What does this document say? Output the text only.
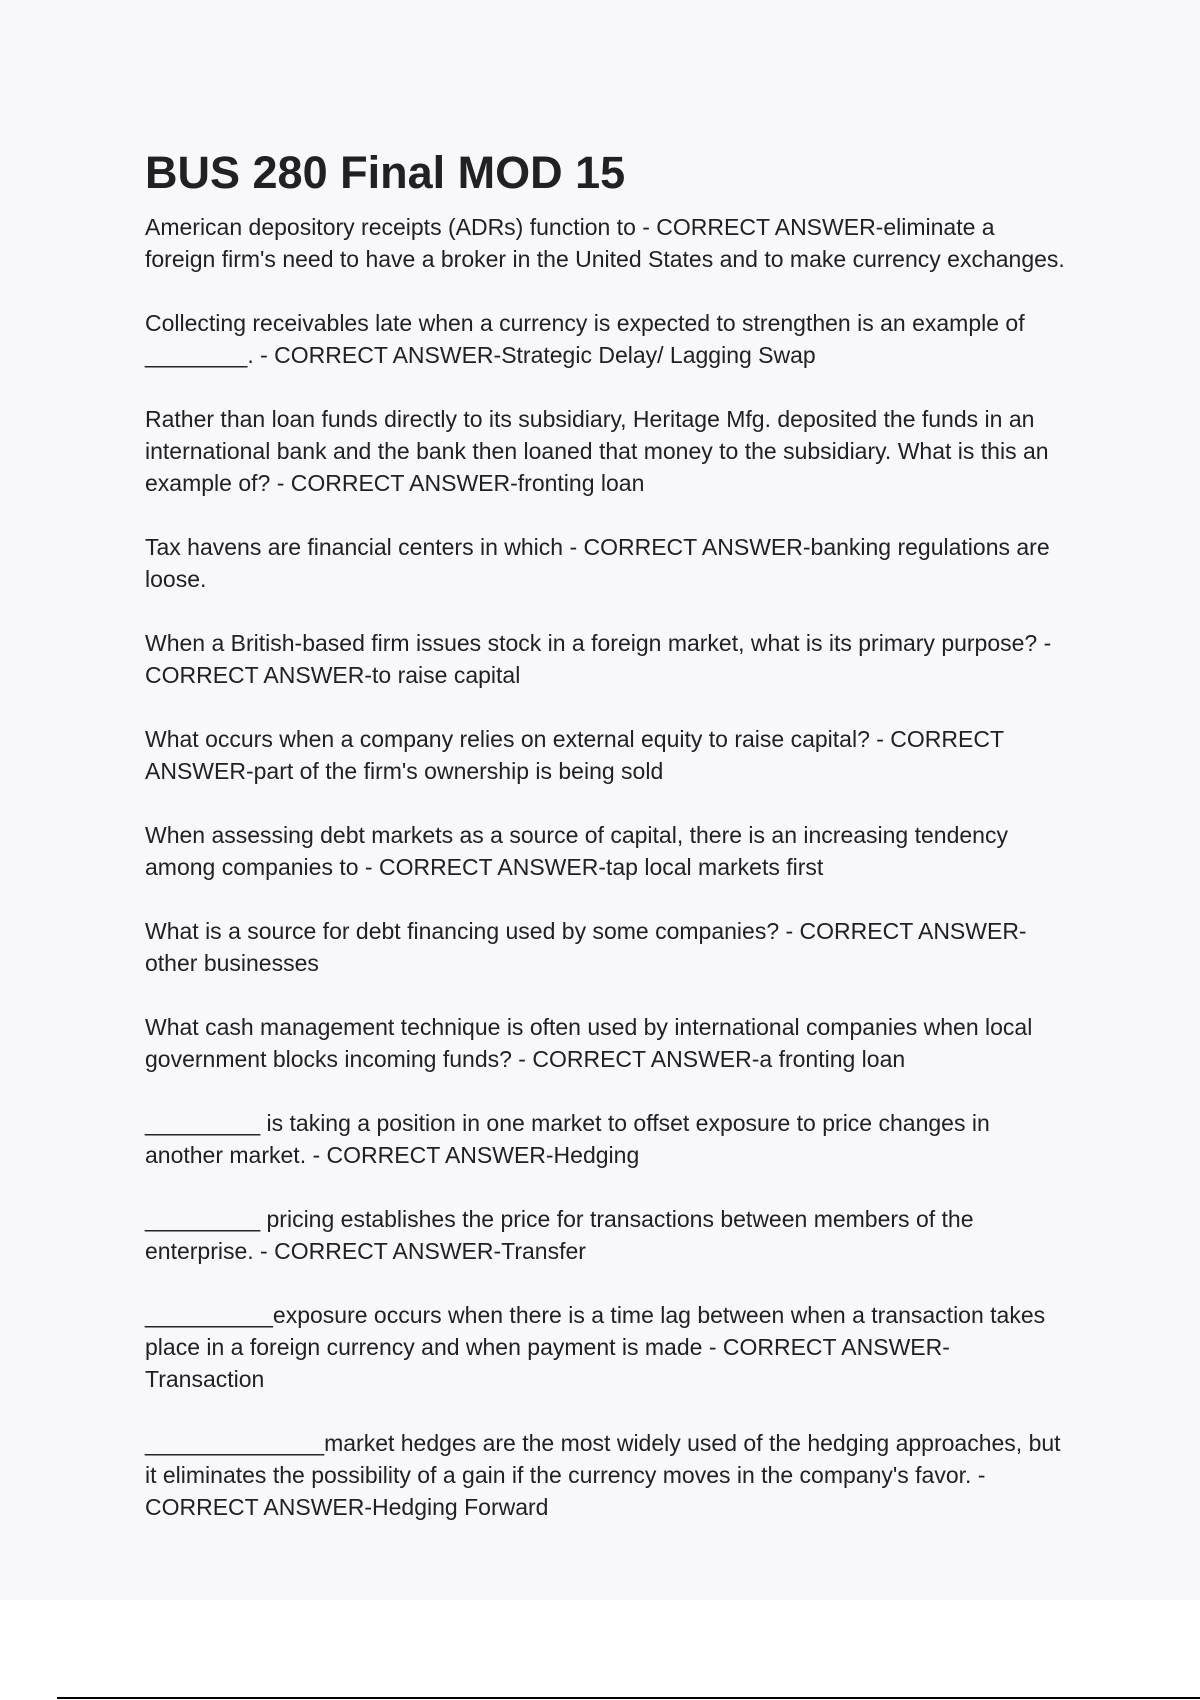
BUS 280 Final MOD 15

American depository receipts (ADRs) function to - CORRECT ANSWER-eliminate a foreign firm's need to have a broker in the United States and to make currency exchanges.

Collecting receivables late when a currency is expected to strengthen is an example of ________. - CORRECT ANSWER-Strategic Delay/ Lagging Swap

Rather than loan funds directly to its subsidiary, Heritage Mfg. deposited the funds in an international bank and the bank then loaned that money to the subsidiary. What is this an example of? - CORRECT ANSWER-fronting loan

Tax havens are financial centers in which - CORRECT ANSWER-banking regulations are loose.

When a British-based firm issues stock in a foreign market, what is its primary purpose? - CORRECT ANSWER-to raise capital

What occurs when a company relies on external equity to raise capital? - CORRECT ANSWER-part of the firm's ownership is being sold

When assessing debt markets as a source of capital, there is an increasing tendency among companies to - CORRECT ANSWER-tap local markets first

What is a source for debt financing used by some companies? - CORRECT ANSWER-other businesses

What cash management technique is often used by international companies when local government blocks incoming funds? - CORRECT ANSWER-a fronting loan

_________ is taking a position in one market to offset exposure to price changes in another market. - CORRECT ANSWER-Hedging

_________ pricing establishes the price for transactions between members of the enterprise. - CORRECT ANSWER-Transfer

__________exposure occurs when there is a time lag between when a transaction takes place in a foreign currency and when payment is made - CORRECT ANSWER-Transaction

______________market hedges are the most widely used of the hedging approaches, but it eliminates the possibility of a gain if the currency moves in the company's favor. - CORRECT ANSWER-Hedging Forward
